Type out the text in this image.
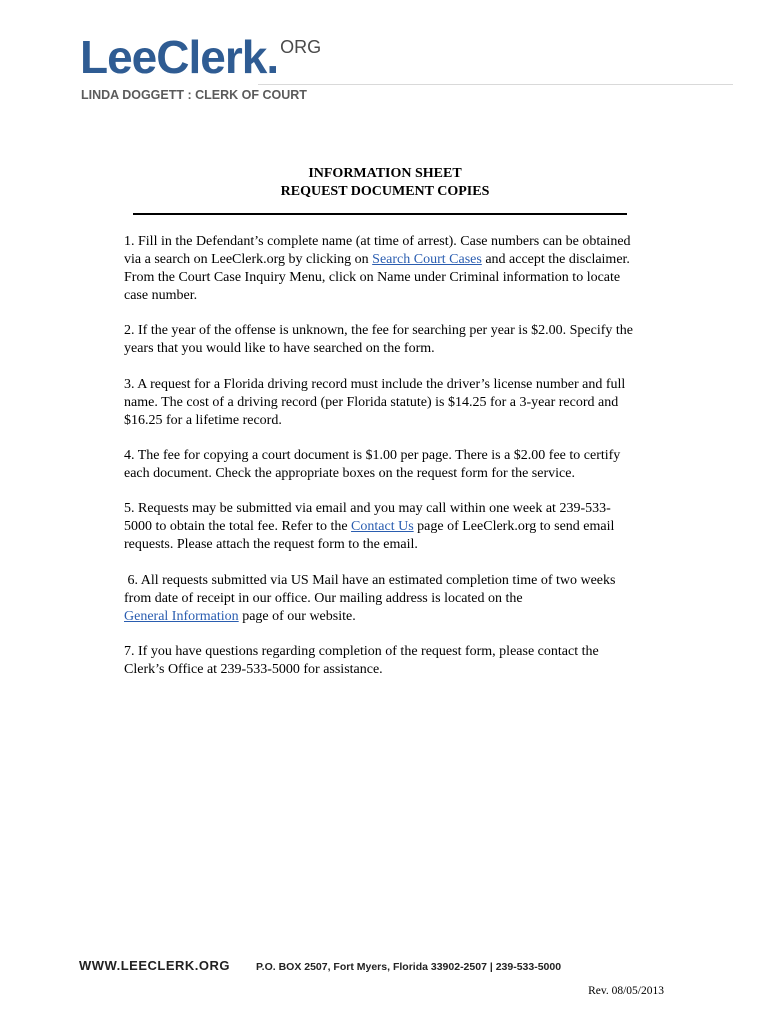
LeeClerk.ORG
LINDA DOGGETT : CLERK OF COURT
INFORMATION SHEET
REQUEST DOCUMENT COPIES
1. Fill in the Defendant’s complete name (at time of arrest). Case numbers can be obtained
via a search on LeeClerk.org by clicking on Search Court Cases and accept the disclaimer.
From the Court Case Inquiry Menu, click on Name under Criminal information to locate
case number.
2. If the year of the offense is unknown, the fee for searching per year is $2.00. Specify the
years that you would like to have searched on the form.
3. A request for a Florida driving record must include the driver’s license number and full
name. The cost of a driving record (per Florida statute) is $14.25 for a 3-year record and
$16.25 for a lifetime record.
4. The fee for copying a court document is $1.00 per page. There is a $2.00 fee to certify
each document. Check the appropriate boxes on the request form for the service.
5. Requests may be submitted via email and you may call within one week at 239-533-
5000 to obtain the total fee. Refer to the Contact Us page of LeeClerk.org to send email
requests. Please attach the request form to the email.
6. All requests submitted via US Mail have an estimated completion time of two weeks
from date of receipt in our office. Our mailing address is located on the
General Information page of our website.
7. If you have questions regarding completion of the request form, please contact the
Clerk’s Office at 239-533-5000 for assistance.
WWW.LEECLERK.ORG P.O. BOX 2507, Fort Myers, Florida 33902-2507 | 239-533-5000
Rev. 08/05/2013
